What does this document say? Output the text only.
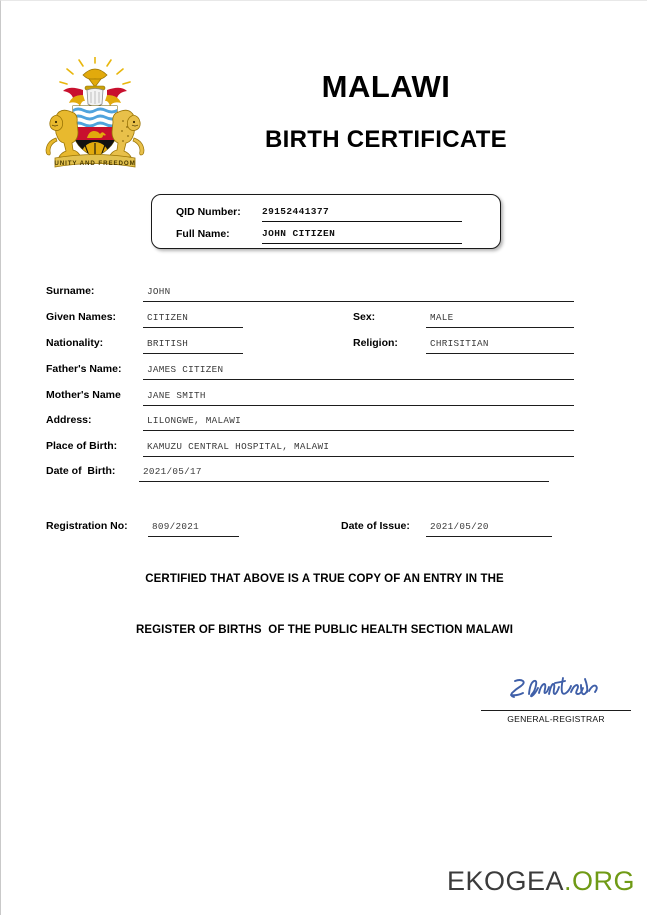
UNITY AND FREEDOM
MALAWI
BIRTH CERTIFICATE
QID Number: 29152441377
Full Name:	JOHN CITIZEN
Surname:	JOHN
Given Names:	CITIZEN	Sex:	MALE
Nationality:	BRITISH	Religion:	CHRISITIAN
Father's Name:	JAMES CITIZEN
Mother's Name	JANE SMITH
Address:	LILONGWE, MALAWI
Place of Birth:	KAMUZU CENTRAL HOSPITAL, MALAWI
Date of  Birth:	2021/05/17
Registration No:	809/2021	Date of Issue:	2021/05/20
CERTIFIED THAT ABOVE IS A TRUE COPY OF AN ENTRY IN THE
REGISTER OF BIRTHS  OF THE PUBLIC HEALTH SECTION MALAWI
GENERAL-REGISTRAR
EKOGEA.ORG
